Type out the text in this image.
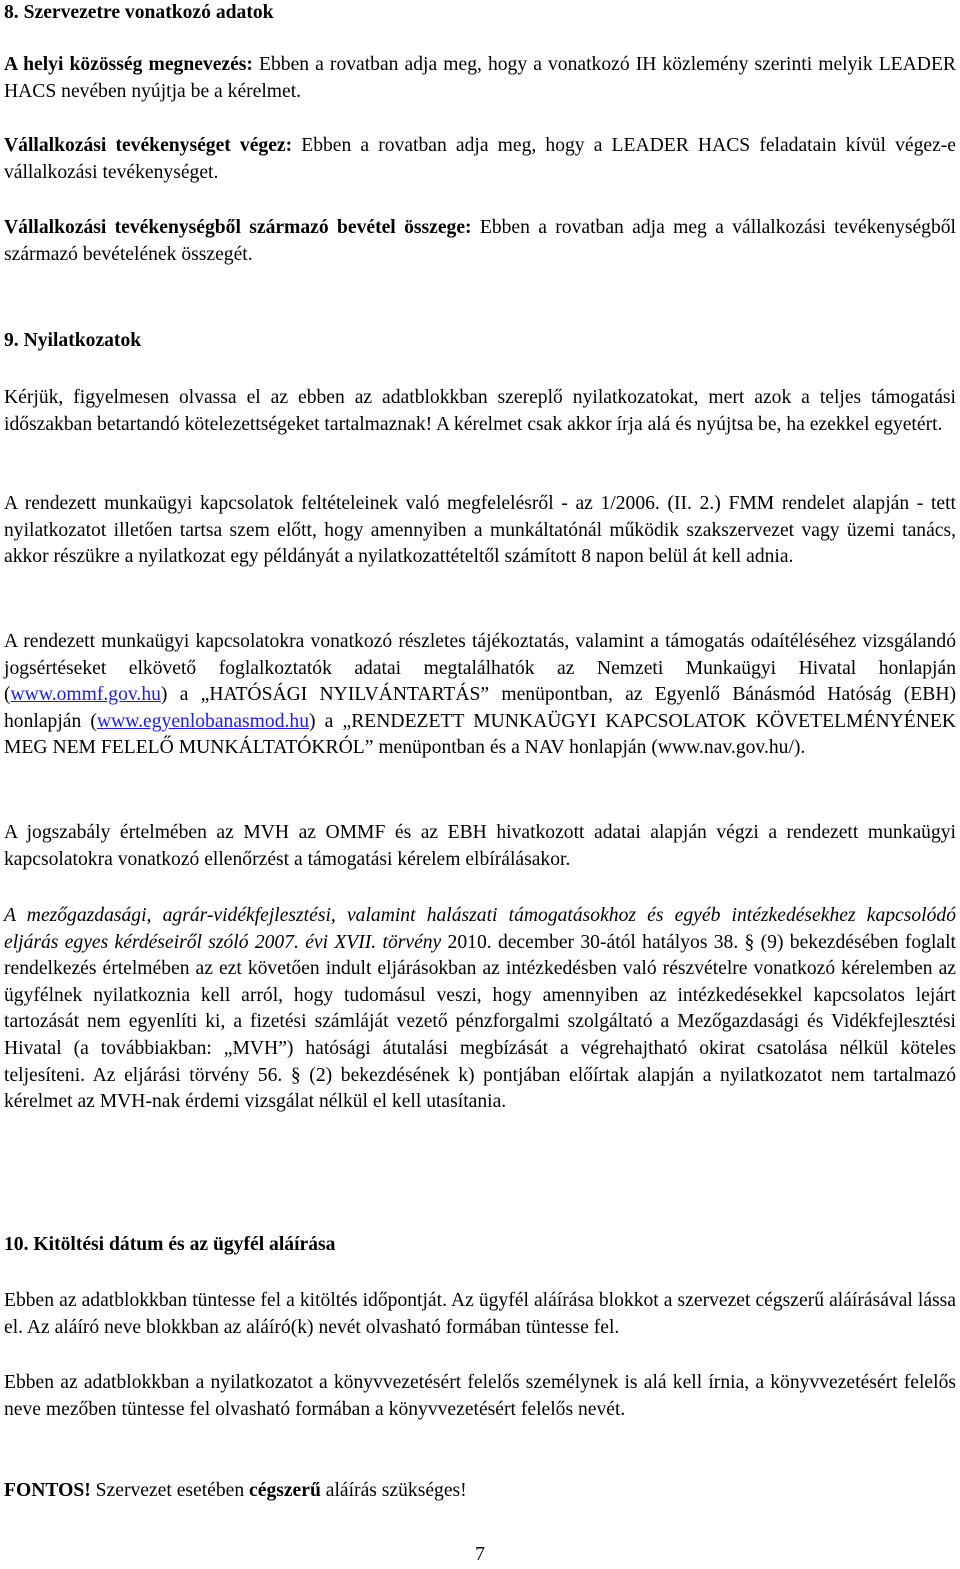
8. Szervezetre vonatkozó adatok

A helyi közösség megnevezés: Ebben a rovatban adja meg, hogy a vonatkozó IH közlemény szerinti melyik LEADER HACS nevében nyújtja be a kérelmet.

Vállalkozási tevékenységet végez: Ebben a rovatban adja meg, hogy a LEADER HACS feladatain kívül végez-e vállalkozási tevékenységet.

Vállalkozási tevékenységből származó bevétel összege: Ebben a rovatban adja meg a vállalkozási tevékenységből származó bevételének összegét.

9. Nyilatkozatok

Kérjük, figyelmesen olvassa el az ebben az adatblokkban szereplő nyilatkozatokat, mert azok a teljes támogatási időszakban betartandó kötelezettségeket tartalmaznak! A kérelmet csak akkor írja alá és nyújtsa be, ha ezekkel egyetért.

A rendezett munkaügyi kapcsolatok feltételeinek való megfelelésről - az 1/2006. (II. 2.) FMM rendelet alapján - tett nyilatkozatot illetően tartsa szem előtt, hogy amennyiben a munkáltatónál működik szakszervezet vagy üzemi tanács, akkor részükre a nyilatkozat egy példányát a nyilatkozattételtől számított 8 napon belül át kell adnia.

A rendezett munkaügyi kapcsolatokra vonatkozó részletes tájékoztatás, valamint a támogatás odaítéléséhez vizsgálandó jogsértéseket elkövető foglalkoztatók adatai megtalálhatók az Nemzeti Munkaügyi Hivatal honlapján (www.ommf.gov.hu) a „HATÓSÁGI NYILVÁNTARTÁS” menüpontban, az Egyenlő Bánásmód Hatóság (EBH) honlapján (www.egyenlobanasmod.hu) a „RENDEZETT MUNKAÜGYI KAPCSOLATOK KÖVETELMÉNYÉNEK MEG NEM FELELŐ MUNKÁLTATÓKRÓL” menüpontban és a NAV honlapján (www.nav.gov.hu/).

A jogszabály értelmében az MVH az OMMF és az EBH hivatkozott adatai alapján végzi a rendezett munkaügyi kapcsolatokra vonatkozó ellenőrzést a támogatási kérelem elbírálásakor.

A mezőgazdasági, agrár-vidékfejlesztési, valamint halászati támogatásokhoz és egyéb intézkedésekhez kapcsolódó eljárás egyes kérdéseiről szóló 2007. évi XVII. törvény 2010. december 30-ától hatályos 38. § (9) bekezdésében foglalt rendelkezés értelmében az ezt követően indult eljárásokban az intézkedésben való részvételre vonatkozó kérelemben az ügyfélnek nyilatkoznia kell arról, hogy tudomásul veszi, hogy amennyiben az intézkedésekkel kapcsolatos lejárt tartozását nem egyenlíti ki, a fizetési számláját vezető pénzforgalmi szolgáltató a Mezőgazdasági és Vidékfejlesztési Hivatal (a továbbiakban: „MVH”) hatósági átutalási megbízását a végrehajtható okirat csatolása nélkül köteles teljesíteni. Az eljárási törvény 56. § (2) bekezdésének k) pontjában előírtak alapján a nyilatkozatot nem tartalmazó kérelmet az MVH-nak érdemi vizsgálat nélkül el kell utasítania.

10. Kitöltési dátum és az ügyfél aláírása

Ebben az adatblokkban tüntesse fel a kitöltés időpontját. Az ügyfél aláírása blokkot a szervezet cégszerű aláírásával lássa el. Az aláíró neve blokkban az aláíró(k) nevét olvasható formában tüntesse fel.

Ebben az adatblokkban a nyilatkozatot a könyvvezetésért felelős személynek is alá kell írnia, a könyvvezetésért felelős neve mezőben tüntesse fel olvasható formában a könyvvezetésért felelős nevét.

FONTOS! Szervezet esetében cégszerű aláírás szükséges!

7
